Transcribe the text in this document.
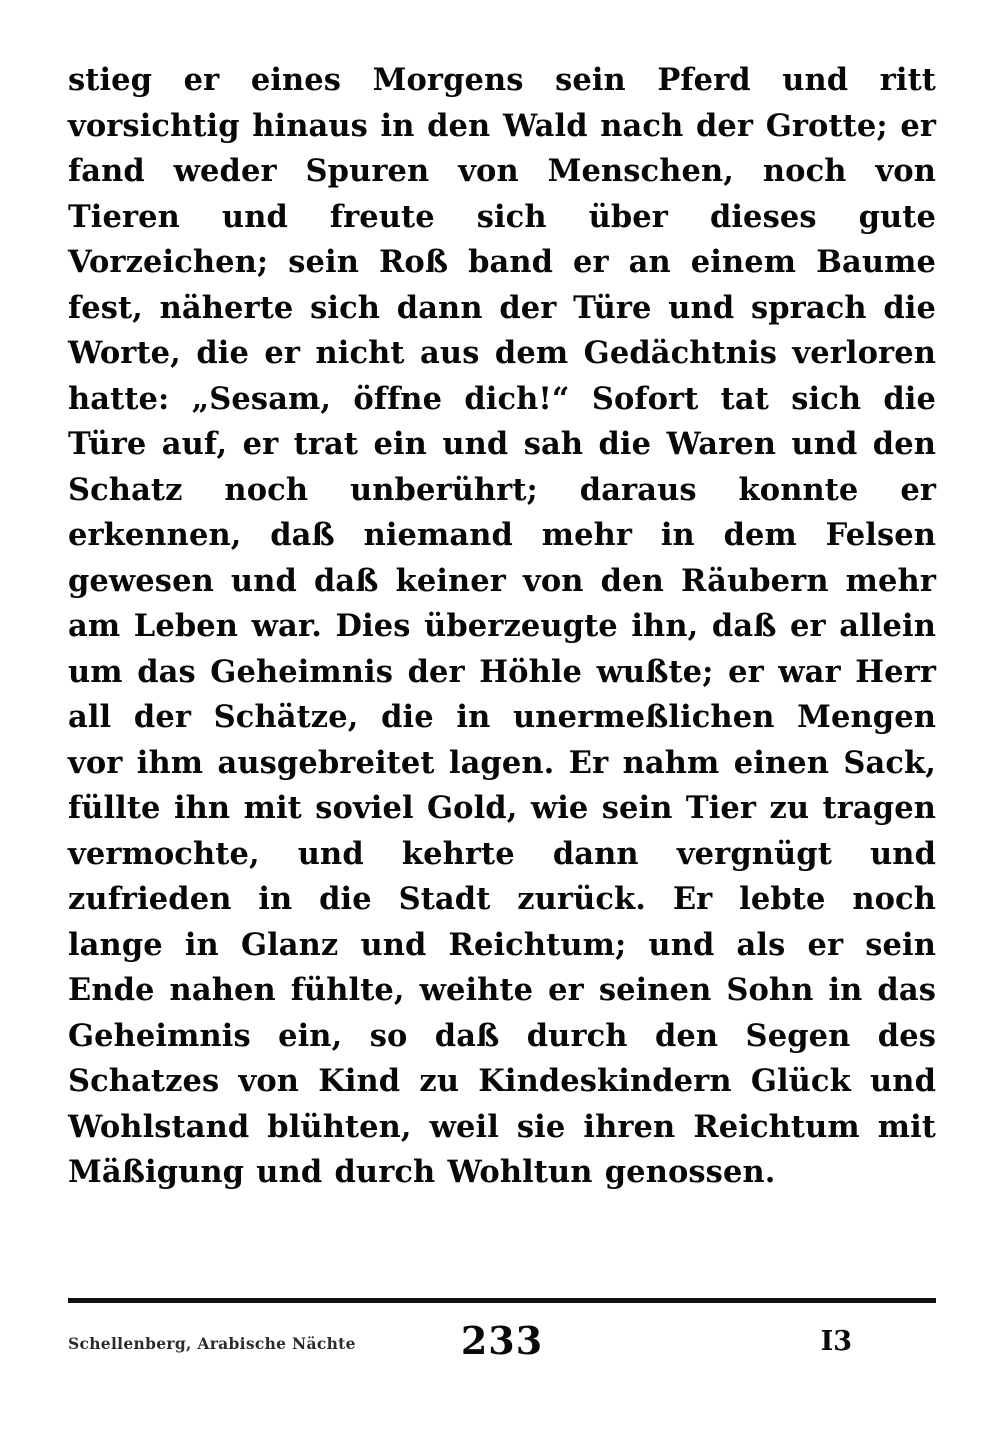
stieg er eines Morgens sein Pferd und ritt vorsichtig hinaus in den Wald nach der Grotte; er fand weder Spuren von Menschen, noch von Tieren und freute sich über dieses gute Vorzeichen; sein Roß band er an einem Baume fest, näherte sich dann der Türe und sprach die Worte, die er nicht aus dem Gedächtnis verloren hatte: „Sesam, öffne dich!“ Sofort tat sich die Türe auf, er trat ein und sah die Waren und den Schatz noch unberührt; daraus konnte er erkennen, daß niemand mehr in dem Felsen gewesen und daß keiner von den Räubern mehr am Leben war. Dies überzeugte ihn, daß er allein um das Geheimnis der Höhle wußte; er war Herr all der Schätze, die in unermeßlichen Mengen vor ihm ausgebreitet lagen. Er nahm einen Sack, füllte ihn mit soviel Gold, wie sein Tier zu tragen vermochte, und kehrte dann vergnügt und zufrieden in die Stadt zurück. Er lebte noch lange in Glanz und Reichtum; und als er sein Ende nahen fühlte, weihte er seinen Sohn in das Geheimnis ein, so daß durch den Segen des Schatzes von Kind zu Kindeskindern Glück und Wohlstand blühten, weil sie ihren Reichtum mit Mäßigung und durch Wohltun genossen.
Schellenberg, Arabische Nächte	233	I3
